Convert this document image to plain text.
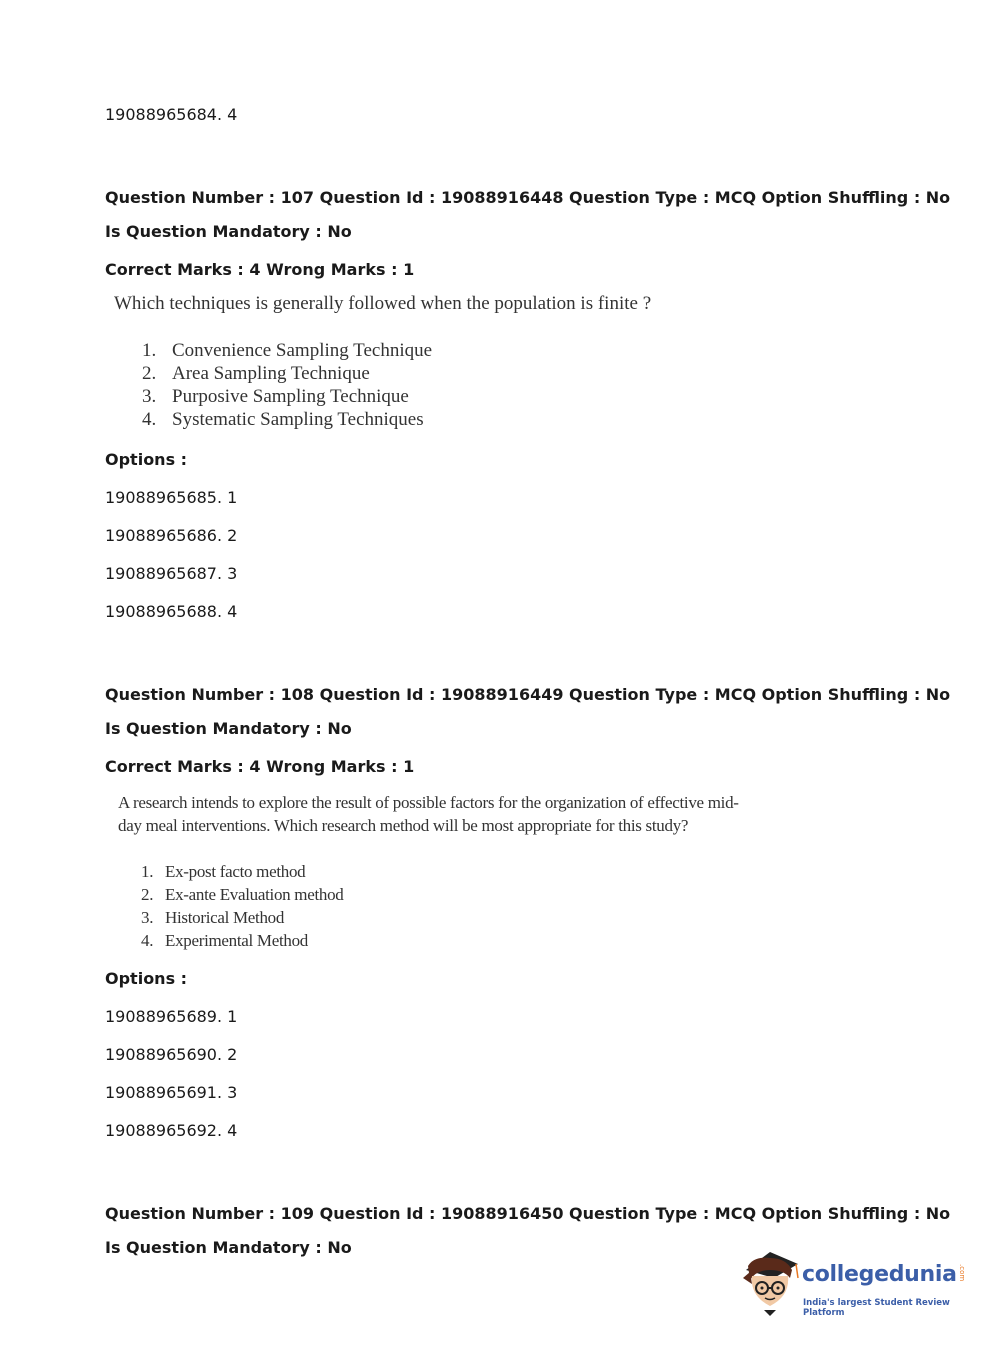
19088965684. 4
Question Number : 107 Question Id : 19088916448 Question Type : MCQ Option Shuffling : No
Is Question Mandatory : No
Correct Marks : 4 Wrong Marks : 1
Which techniques is generally followed when the population is finite ?
1. Convenience Sampling Technique
2. Area Sampling Technique
3. Purposive Sampling Technique
4. Systematic Sampling Techniques
Options :
19088965685. 1
19088965686. 2
19088965687. 3
19088965688. 4
Question Number : 108 Question Id : 19088916449 Question Type : MCQ Option Shuffling : No
Is Question Mandatory : No
Correct Marks : 4 Wrong Marks : 1
A research intends to explore the result of possible factors for the organization of effective mid-
day meal interventions. Which research method will be most appropriate for this study?
1. Ex-post facto method
2. Ex-ante Evaluation method
3. Historical Method
4. Experimental Method
Options :
19088965689. 1
19088965690. 2
19088965691. 3
19088965692. 4
Question Number : 109 Question Id : 19088916450 Question Type : MCQ Option Shuffling : No
Is Question Mandatory : No
collegedunia .com
India's largest Student Review Platform
